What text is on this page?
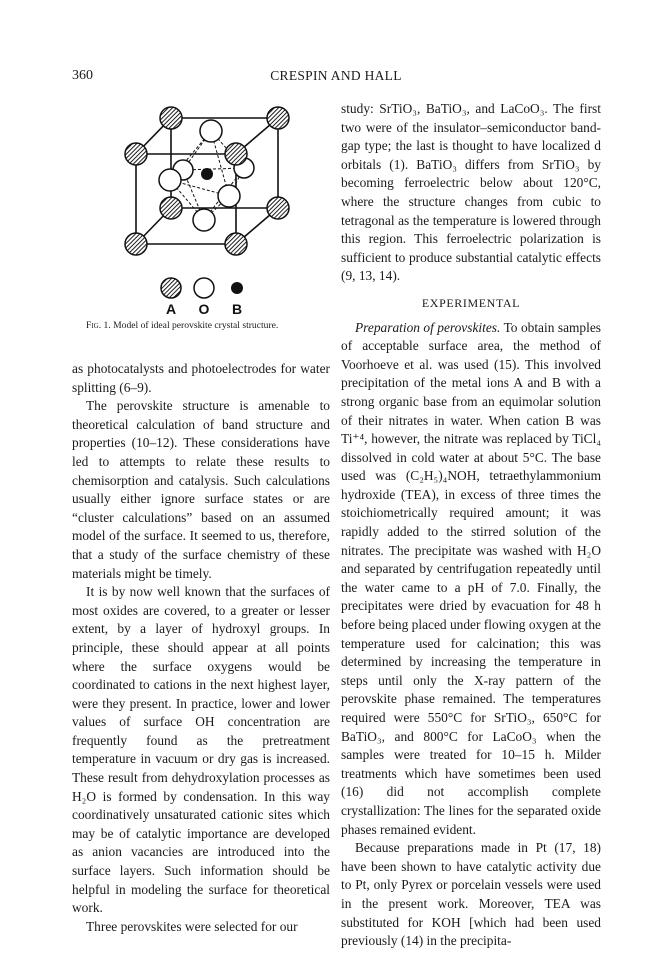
360	CRESPIN AND HALL
A O B
Fig. 1. Model of ideal perovskite crystal structure.

as photocatalysts and photoelectrodes for water splitting (6–9).

The perovskite structure is amenable to theoretical calculation of band structure and properties (10–12). These considerations have led to attempts to relate these results to chemisorption and catalysis. Such calculations usually either ignore surface states or are “cluster calculations” based on an assumed model of the surface. It seemed to us, therefore, that a study of the surface chemistry of these materials might be timely.

It is by now well known that the surfaces of most oxides are covered, to a greater or lesser extent, by a layer of hydroxyl groups. In principle, these should appear at all points where the surface oxygens would be coordinated to cations in the next highest layer, were they present. In practice, lower and lower values of surface OH concentration are frequently found as the pretreatment temperature in vacuum or dry gas is increased. These result from dehydroxylation processes as H₂O is formed by condensation. In this way coordinatively unsaturated cationic sites which may be of catalytic importance are developed as anion vacancies are introduced into the surface layers. Such information should be helpful in modeling the surface for theoretical work.

Three perovskites were selected for our

study: SrTiO₃, BaTiO₃, and LaCoO₃. The first two were of the insulator–semiconductor band-gap type; the last is thought to have localized d orbitals (1). BaTiO₃ differs from SrTiO₃ by becoming ferroelectric below about 120°C, where the structure changes from cubic to tetragonal as the temperature is lowered through this region. This ferroelectric polarization is sufficient to produce substantial catalytic effects (9, 13, 14).

EXPERIMENTAL

Preparation of perovskites. To obtain samples of acceptable surface area, the method of Voorhoeve et al. was used (15). This involved precipitation of the metal ions A and B with a strong organic base from an equimolar solution of their nitrates in water. When cation B was Ti⁺⁴, however, the nitrate was replaced by TiCl₄ dissolved in cold water at about 5°C. The base used was (C₂H₅)₄NOH, tetraethylammonium hydroxide (TEA), in excess of three times the stoichiometrically required amount; it was rapidly added to the stirred solution of the nitrates. The precipitate was washed with H₂O and separated by centrifugation repeatedly until the water came to a pH of 7.0. Finally, the precipitates were dried by evacuation for 48 h before being placed under flowing oxygen at the temperature used for calcination; this was determined by increasing the temperature in steps until only the X-ray pattern of the perovskite phase remained. The temperatures required were 550°C for SrTiO₃, 650°C for BaTiO₃, and 800°C for LaCoO₃ when the samples were treated for 10–15 h. Milder treatments which have sometimes been used (16) did not accomplish complete crystallization: The lines for the separated oxide phases remained evident.

Because preparations made in Pt (17, 18) have been shown to have catalytic activity due to Pt, only Pyrex or porcelain vessels were used in the present work. Moreover, TEA was substituted for KOH [which had been used previously (14) in the precipita-
